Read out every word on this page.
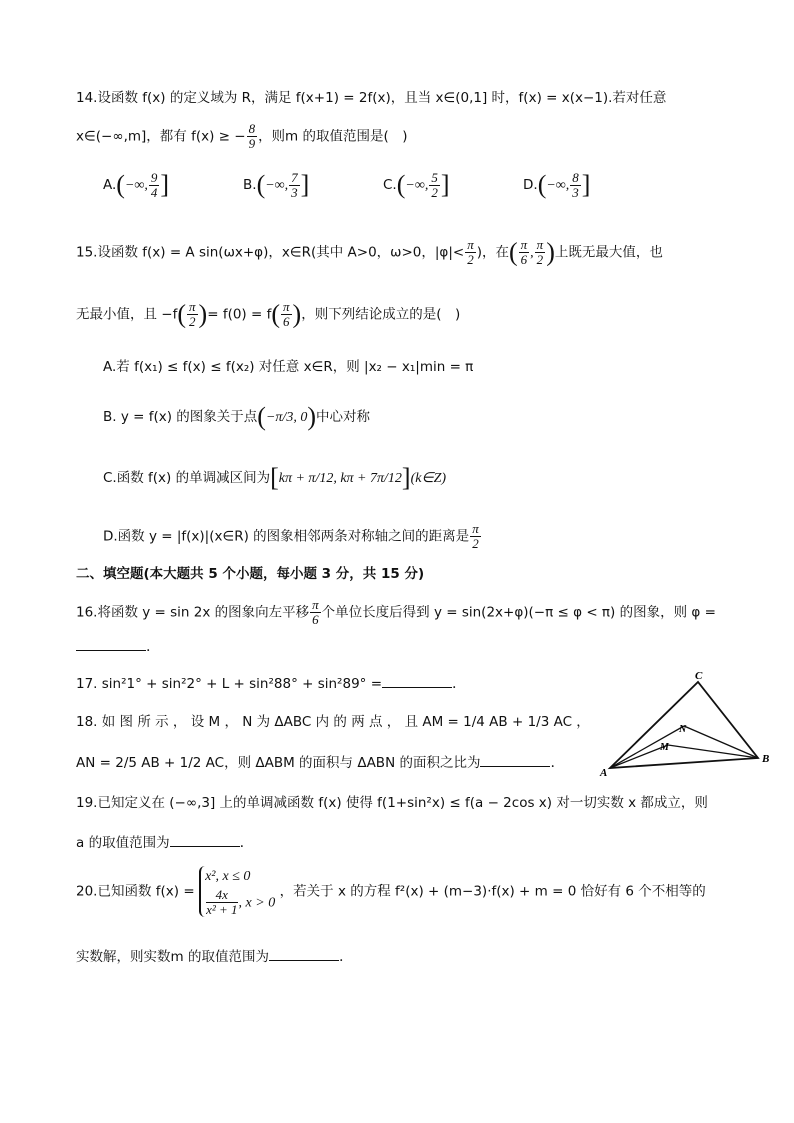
14.设函数 f(x) 的定义域为 R，满足 f(x+1) = 2f(x)，且当 x∈(0,1] 时，f(x) = x(x−1).若对任意
x∈(−∞,m]，都有 f(x) ≥ − $\frac{8}{9}$ ，则m 的取值范围是(　)
A.(−∞, $\frac{9}{4}$ ]	B.(−∞, $\frac{7}{3}$ ]	C.(−∞, $\frac{5}{2}$ ]	D.(−∞, $\frac{8}{3}$ ]
15.设函数 f(x) = A sin(ωx+φ)，x∈R(其中 A>0，ω>0，$|\varphi|< \frac{\pi}{2}$ )，在( $\frac{\pi}{6}$ , $\frac{\pi}{2}$ )上既无最大值，也
无最小值，且 $-f( \frac{\pi}{2}$ )= $f(0) = f( \frac{\pi}{6}$ )，则下列结论成立的是(　)
A.若 f(x₁) ≤ f(x) ≤ f(x₂) 对任意 x∈R，则 |x₂ − x₁|min = π
B. y = f(x) 的图象关于点(−π/3, 0)中心对称
C.函数 f(x) 的单调减区间为[kπ + π/12, kπ + 7π/12](k∈Z)
D.函数 y = |f(x)|(x∈R) 的图象相邻两条对称轴之间的距离是 $\frac{\pi}{2}$
二、填空题(本大题共 5 个小题，每小题 3 分，共 15 分)
16.将函数 y = sin 2x 的图象向左平移 $\frac{\pi}{6}$ 个单位长度后得到 y = sin(2x+φ)(−π ≤ φ < π) 的图象，则 φ =
.
17. sin²1° + sin²2° + L + sin²88° + sin²89° =	.
18. 如 图 所 示 ， 设 M ， N 为 ΔABC 内 的 两 点 ， 且 AM = 1/4 AB + 1/3 AC ，
AN = 2/5 AB + 1/2 AC，则 ΔABM 的面积与 ΔABN 的面积之比为	.
A
B
C
N
M
19.已知定义在 (−∞,3] 上的单调减函数 f(x) 使得 f(1+sin²x) ≤ f(a − 2cos x) 对一切实数 x 都成立，则
a 的取值范围为	.
20.已知函数 f(x) =
x², x ≤ 0
$\frac{4x}{\text{x² + 1}}$ , x > 0
，若关于 x 的方程 f²(x) + (m−3)·f(x) + m = 0 恰好有 6 个不相等的
实数解，则实数m 的取值范围为	.
